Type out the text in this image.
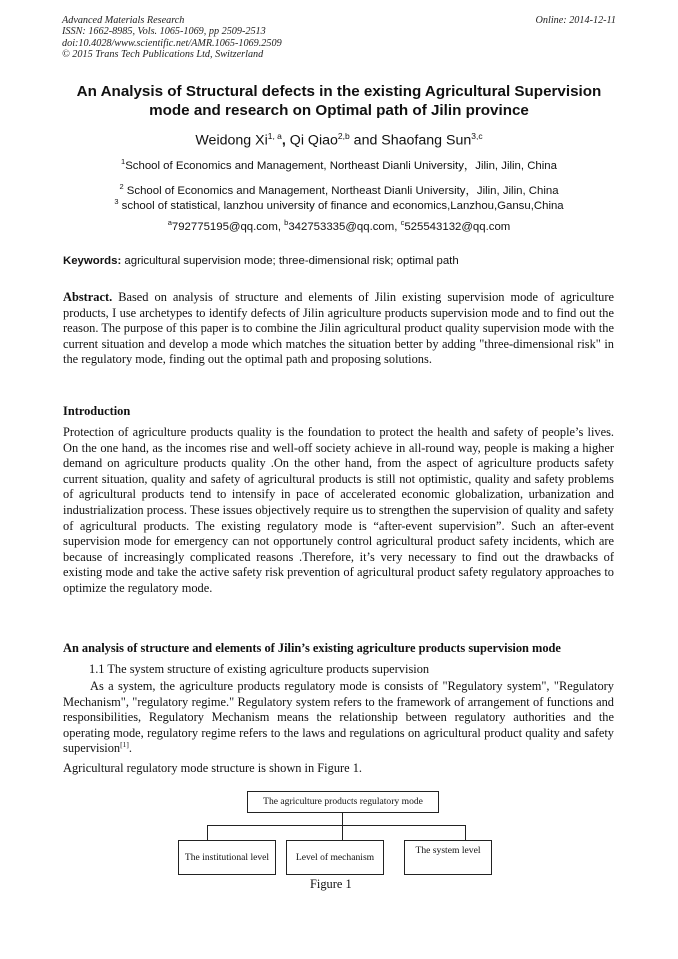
Advanced Materials Research
ISSN: 1662-8985, Vols. 1065-1069, pp 2509-2513
doi:10.4028/www.scientific.net/AMR.1065-1069.2509
© 2015 Trans Tech Publications Ltd, Switzerland
Online: 2014-12-11
An Analysis of Structural defects in the existing Agricultural Supervision
mode and research on Optimal path of Jilin province
Weidong Xi$^{1, a}$, Qi Qiao$^{2,b}$ and Shaofang Sun$^{3,c}$
$^1$School of Economics and Management, Northeast Dianli University，Jilin, Jilin, China
$^2$ School of Economics and Management, Northeast Dianli University，Jilin, Jilin, China
$^3$ school of statistical, lanzhou university of finance and economics,Lanzhou,Gansu,China
$^a$792775195@qq.com, $^b$342753335@qq.com, $^c$525543132@qq.com
Keywords: agricultural supervision mode; three-dimensional risk; optimal path
Abstract. Based on analysis of structure and elements of Jilin existing supervision mode of agriculture products, I use archetypes to identify defects of Jilin agriculture products supervision mode and to find out the reason. The purpose of this paper is to combine the Jilin agricultural product quality supervision mode with the current situation and develop a mode which matches the situation better by adding "three-dimensional risk" in the regulatory mode, finding out the optimal path and proposing solutions.
Introduction
Protection of agriculture products quality is the foundation to protect the health and safety of people’s lives. On the one hand, as the incomes rise and well-off society achieve in all-round way, people is making a higher demand on agriculture products quality .On the other hand, from the aspect of agriculture products safety current situation, quality and safety of agricultural products is still not optimistic, quality and safety problems of agricultural products tend to intensify in pace of accelerated economic globalization, urbanization and industrialization process. These issues objectively require us to strengthen the supervision of quality and safety of agricultural products. The existing regulatory mode is “after-event supervision”. Such an after-event supervision mode for emergency can not opportunely control agricultural product safety incidents, which are because of increasingly complicated reasons .Therefore, it’s very necessary to find out the drawbacks of existing mode and take the active safety risk prevention of agricultural product safety regulatory approaches to optimize the regulatory mode.
An analysis of structure and elements of Jilin’s existing agriculture products supervision mode
1.1 The system structure of existing agriculture products supervision
As a system, the agriculture products regulatory mode is consists of "Regulatory system", "Regulatory Mechanism", "regulatory regime." Regulatory system refers to the framework of arrangement of functions and responsibilities, Regulatory Mechanism means the relationship between regulatory authorities and the operating mode, regulatory regime refers to the laws and regulations on agricultural product quality and safety supervision[1].
Agricultural regulatory mode structure is shown in Figure 1.
The agriculture products regulatory mode
The institutional level	Level of mechanism
The system level
Figure 1
